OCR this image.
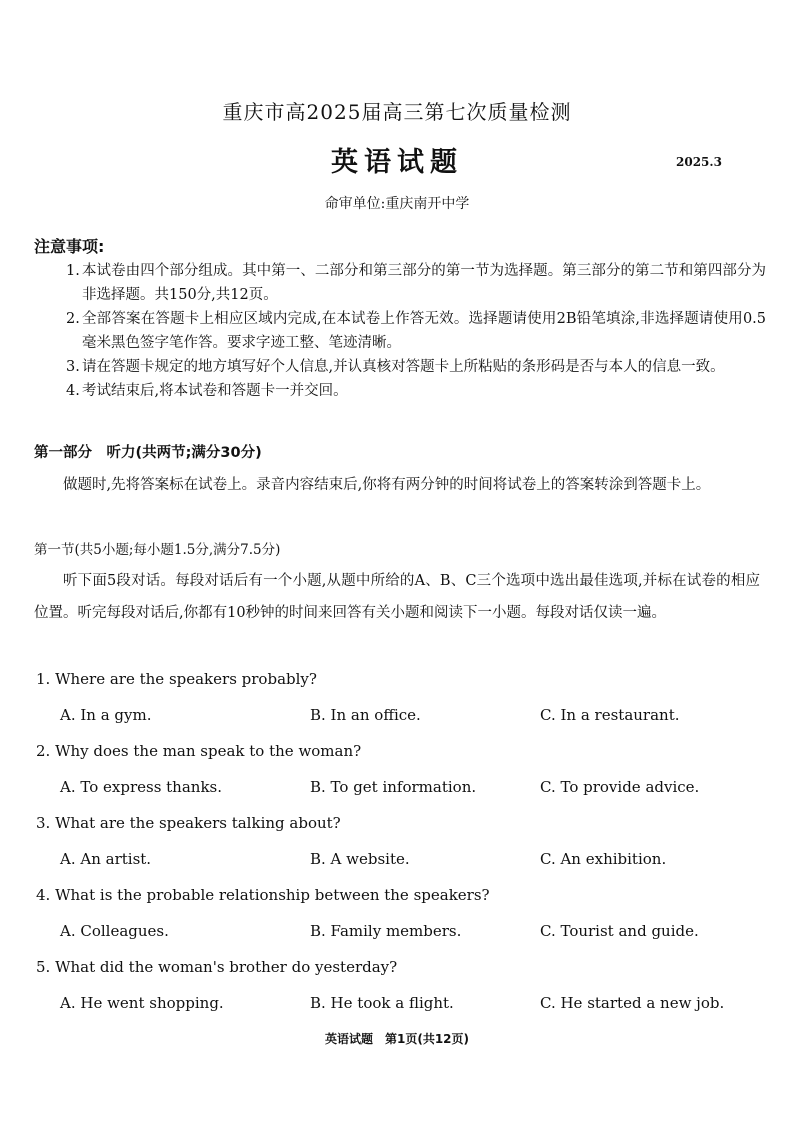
重庆市高2025届高三第七次质量检测
英语试题	2025.3
命审单位:重庆南开中学
注意事项:
1. 本试卷由四个部分组成。其中第一、二部分和第三部分的第一节为选择题。第三部分的第二节和第四部分为非选择题。共150分,共12页。
2. 全部答案在答题卡上相应区域内完成,在本试卷上作答无效。选择题请使用2B铅笔填涂,非选择题请使用0.5毫米黑色签字笔作答。要求字迹工整、笔迹清晰。
3. 请在答题卡规定的地方填写好个人信息,并认真核对答题卡上所粘贴的条形码是否与本人的信息一致。
4. 考试结束后,将本试卷和答题卡一并交回。
第一部分　听力(共两节;满分30分)
做题时,先将答案标在试卷上。录音内容结束后,你将有两分钟的时间将试卷上的答案转涂到答题卡上。
第一节(共5小题;每小题1.5分,满分7.5分)
听下面5段对话。每段对话后有一个小题,从题中所给的A、B、C三个选项中选出最佳选项,并标在试卷的相应位置。听完每段对话后,你都有10秒钟的时间来回答有关小题和阅读下一小题。每段对话仅读一遍。
1. Where are the speakers probably?
A. In a gym.	B. In an office.	C. In a restaurant.
2. Why does the man speak to the woman?
A. To express thanks.	B. To get information.	C. To provide advice.
3. What are the speakers talking about?
A. An artist.	B. A website.	C. An exhibition.
4. What is the probable relationship between the speakers?
A. Colleagues.	B. Family members.	C. Tourist and guide.
5. What did the woman's brother do yesterday?
A. He went shopping.	B. He took a flight.	C. He started a new job.
英语试题　第1页(共12页)
